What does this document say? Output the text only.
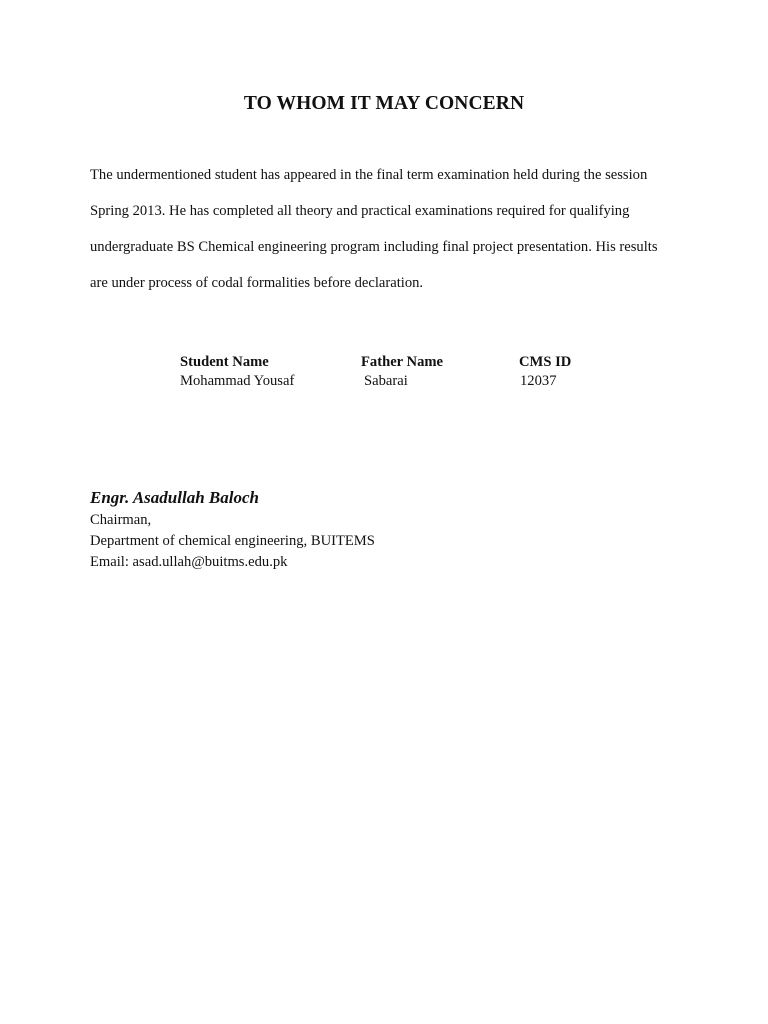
TO WHOM IT MAY CONCERN
The undermentioned student has appeared in the final term examination held during the session
Spring 2013. He has completed all theory and practical examinations required for qualifying
undergraduate BS Chemical engineering program including final project presentation. His results
are under process of codal formalities before declaration.
Student Name
Mohammad Yousaf
Father Name
Sabarai
CMS ID
12037
Engr. Asadullah Baloch
Chairman,
Department of chemical engineering, BUITEMS
Email: asad.ullah@buitms.edu.pk
